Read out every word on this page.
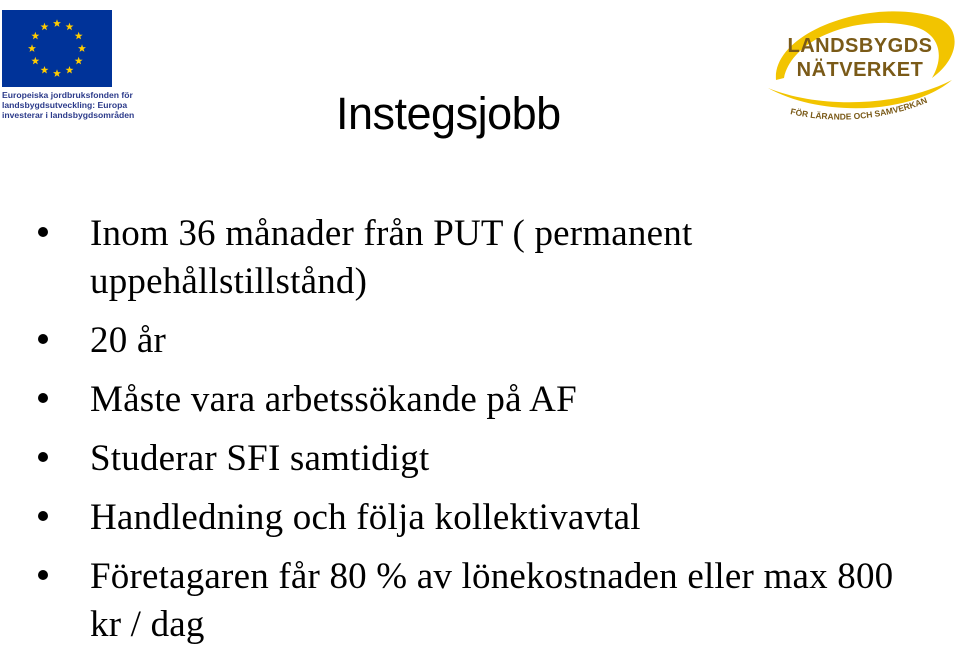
Europeiska jordbruksfonden för
landsbygdsutveckling: Europa
investerar i landsbygdsområden
LANDSBYGDS
NÄTVERKET
FÖR LÄRANDE OCH SAMVERKAN
Instegsjobb
Inom 36 månader från PUT ( permanent uppehållstillstånd)
20 år
Måste vara arbetssökande på AF
Studerar SFI samtidigt
Handledning och följa kollektivavtal
Företagaren får 80 % av lönekostnaden eller max 800 kr / dag
